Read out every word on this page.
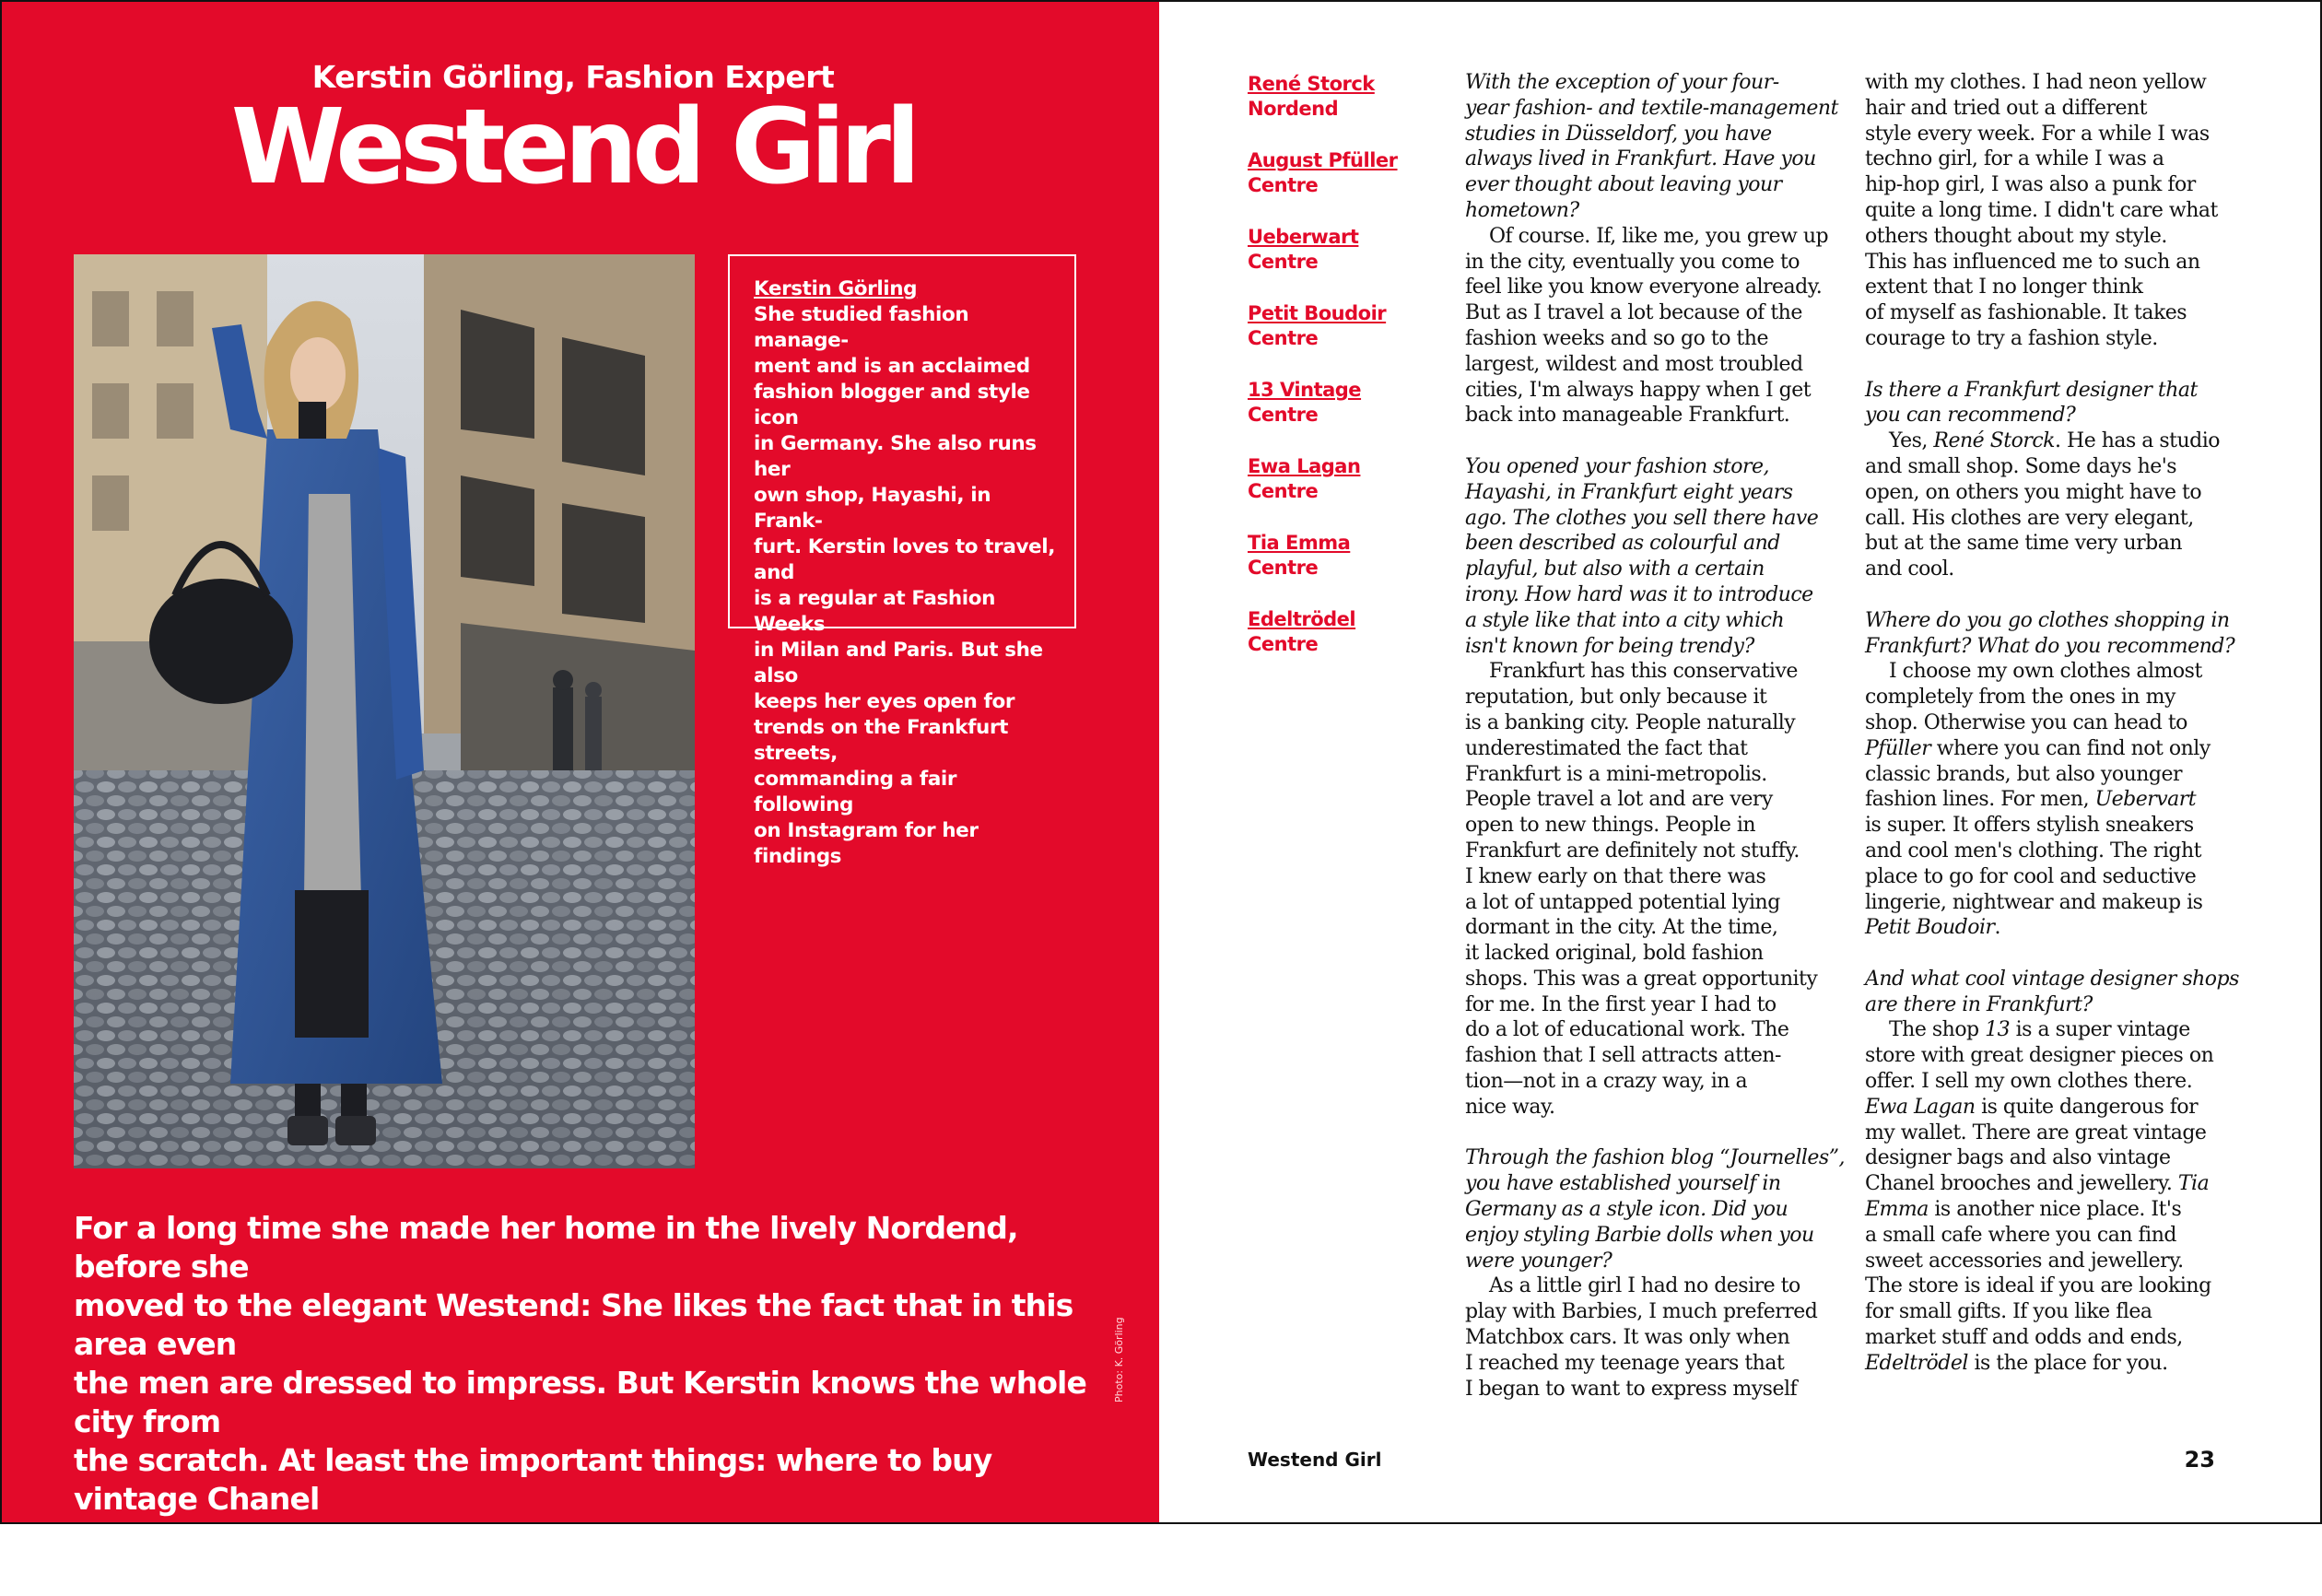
Kerstin Görling, Fashion Expert
Westend Girl
Kerstin Görling
She studied fashion manage-
ment and is an acclaimed
fashion blogger and style icon
in Germany. She also runs her
own shop, Hayashi, in Frank-
furt. Kerstin loves to travel, and
is a regular at Fashion Weeks
in Milan and Paris. But she also
keeps her eyes open for
trends on the Frankfurt streets,
commanding a fair following
on Instagram for her findings
For a long time she made her home in the lively Nordend, before she
moved to the elegant Westend: She likes the fact that in this area even
the men are dressed to impress. But Kerstin knows the whole city from
the scratch. At least the important things: where to buy vintage Chanel
brooches or how to find the hidden Italian with homemade pasta
Photo: K. Görling
René Storck
Nordend
August Pfüller
Centre
Ueberwart
Centre
Petit Boudoir
Centre
13 Vintage
Centre
Ewa Lagan
Centre
Tia Emma
Centre
Edeltrödel
Centre
With the exception of your four-
year fashion- and textile-management
studies in Düsseldorf, you have
always lived in Frankfurt. Have you
ever thought about leaving your
hometown?
Of course. If, like me, you grew up
in the city, eventually you come to
feel like you know everyone already.
But as I travel a lot because of the
fashion weeks and so go to the
largest, wildest and most troubled
cities, I'm always happy when I get
back into manageable Frankfurt.
You opened your fashion store,
Hayashi, in Frankfurt eight years
ago. The clothes you sell there have
been described as colourful and
playful, but also with a certain
irony. How hard was it to introduce
a style like that into a city which
isn't known for being trendy?
Frankfurt has this conservative
reputation, but only because it
is a banking city. People naturally
underestimated the fact that
Frankfurt is a mini-metropolis.
People travel a lot and are very
open to new things. People in
Frankfurt are definitely not stuffy.
I knew early on that there was
a lot of untapped potential lying
dormant in the city. At the time,
it lacked original, bold fashion
shops. This was a great opportunity
for me. In the first year I had to
do a lot of educational work. The
fashion that I sell attracts atten-
tion—not in a crazy way, in a
nice way.
Through the fashion blog “Journelles”,
you have established yourself in
Germany as a style icon. Did you
enjoy styling Barbie dolls when you
were younger?
As a little girl I had no desire to
play with Barbies, I much preferred
Matchbox cars. It was only when
I reached my teenage years that
I began to want to express myself
with my clothes. I had neon yellow
hair and tried out a different
style every week. For a while I was
techno girl, for a while I was a
hip-hop girl, I was also a punk for
quite a long time. I didn't care what
others thought about my style.
This has influenced me to such an
extent that I no longer think
of myself as fashionable. It takes
courage to try a fashion style.
Is there a Frankfurt designer that
you can recommend?
Yes, René Storck. He has a studio
and small shop. Some days he's
open, on others you might have to
call. His clothes are very elegant,
but at the same time very urban
and cool.
Where do you go clothes shopping in
Frankfurt? What do you recommend?
I choose my own clothes almost
completely from the ones in my
shop. Otherwise you can head to
Pfüller where you can find not only
classic brands, but also younger
fashion lines. For men, Uebervart
is super. It offers stylish sneakers
and cool men's clothing. The right
place to go for cool and seductive
lingerie, nightwear and makeup is
Petit Boudoir.
And what cool vintage designer shops
are there in Frankfurt?
The shop 13 is a super vintage
store with great designer pieces on
offer. I sell my own clothes there.
Ewa Lagan is quite dangerous for
my wallet. There are great vintage
designer bags and also vintage
Chanel brooches and jewellery. Tia
Emma is another nice place. It's
a small cafe where you can find
sweet accessories and jewellery.
The store is ideal if you are looking
for small gifts. If you like flea
market stuff and odds and ends,
Edeltrödel is the place for you.
Westend Girl	23
